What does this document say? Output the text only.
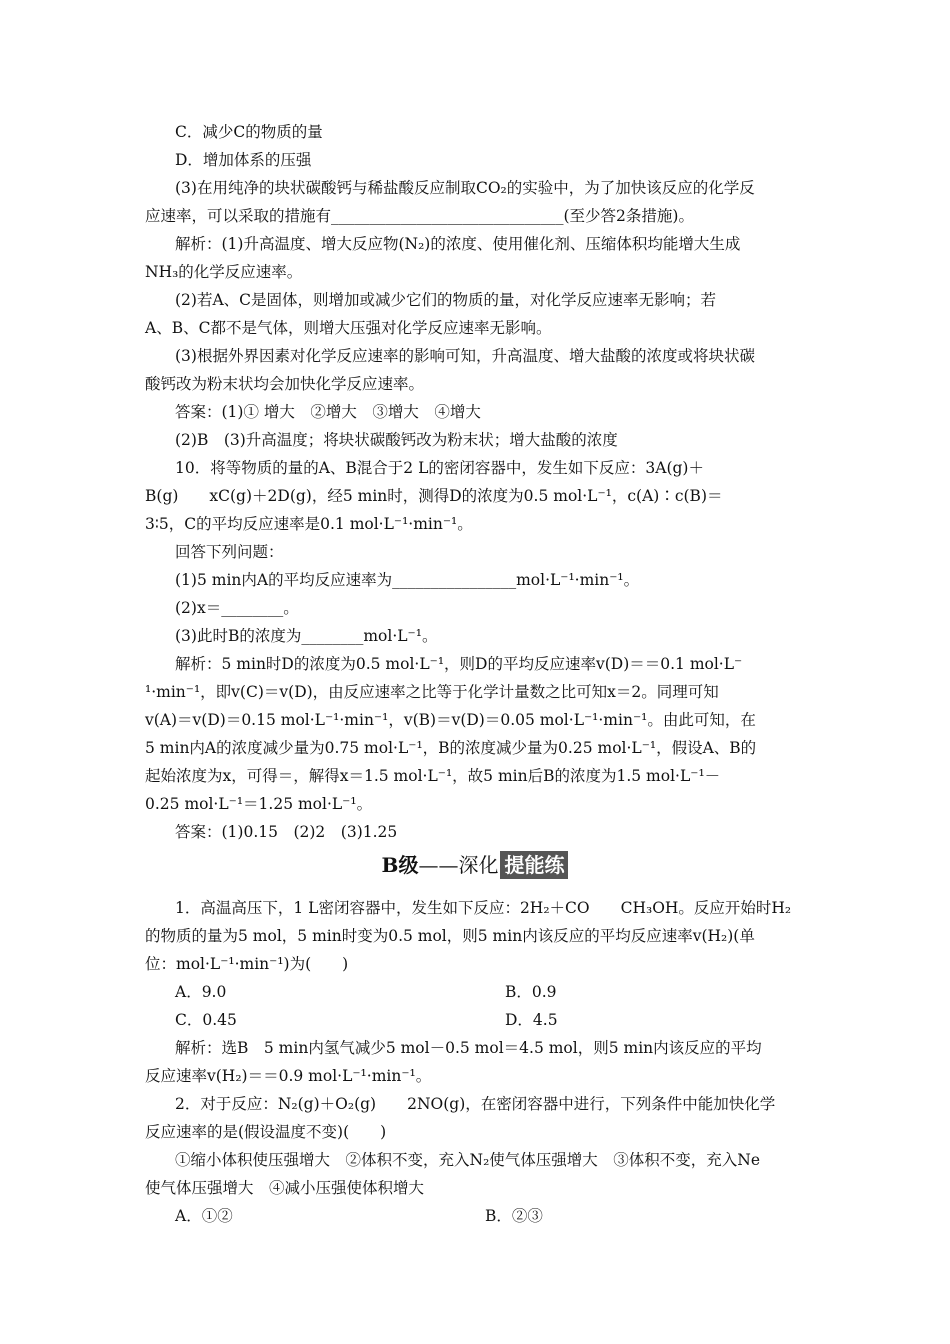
C．减少C的物质的量
D．增加体系的压强
(3)在用纯净的块状碳酸钙与稀盐酸反应制取CO₂的实验中，为了加快该反应的化学反
应速率，可以采取的措施有______________________________(至少答2条措施)。
解析：(1)升高温度、增大反应物(N₂)的浓度、使用催化剂、压缩体积均能增大生成
NH₃的化学反应速率。
(2)若A、C是固体，则增加或减少它们的物质的量，对化学反应速率无影响；若
A、B、C都不是气体，则增大压强对化学反应速率无影响。
(3)根据外界因素对化学反应速率的影响可知，升高温度、增大盐酸的浓度或将块状碳
酸钙改为粉末状均会加快化学反应速率。
答案：(1)① 增大　②增大　③增大　④增大
(2)B　(3)升高温度；将块状碳酸钙改为粉末状；增大盐酸的浓度
10．将等物质的量的A、B混合于2 L的密闭容器中，发生如下反应：3A(g)＋
B(g)　　xC(g)＋2D(g)，经5 min时，测得D的浓度为0.5 mol·L⁻¹，c(A)∶c(B)＝
3∶5，C的平均反应速率是0.1 mol·L⁻¹·min⁻¹。
回答下列问题：
(1)5 min内A的平均反应速率为________________mol·L⁻¹·min⁻¹。
(2)x＝________。
(3)此时B的浓度为________mol·L⁻¹。
解析：5 min时D的浓度为0.5 mol·L⁻¹，则D的平均反应速率v(D)＝＝0.1 mol·L⁻
¹·min⁻¹，即v(C)＝v(D)，由反应速率之比等于化学计量数之比可知x＝2。同理可知
v(A)＝v(D)＝0.15 mol·L⁻¹·min⁻¹，v(B)＝v(D)＝0.05 mol·L⁻¹·min⁻¹。由此可知，在
5 min内A的浓度减少量为0.75 mol·L⁻¹，B的浓度减少量为0.25 mol·L⁻¹，假设A、B的
起始浓度为x，可得＝，解得x＝1.5 mol·L⁻¹，故5 min后B的浓度为1.5 mol·L⁻¹－
0.25 mol·L⁻¹＝1.25 mol·L⁻¹。
答案：(1)0.15　(2)2　(3)1.25
1．高温高压下，1 L密闭容器中，发生如下反应：2H₂＋CO　　CH₃OH。反应开始时H₂
的物质的量为5 mol，5 min时变为0.5 mol，则5 min内该反应的平均反应速率v(H₂)(单
位：mol·L⁻¹·min⁻¹)为(　　)
解析：选B　5 min内氢气减少5 mol－0.5 mol＝4.5 mol，则5 min内该反应的平均
反应速率v(H₂)＝＝0.9 mol·L⁻¹·min⁻¹。
2．对于反应：N₂(g)＋O₂(g)　　2NO(g)，在密闭容器中进行，下列条件中能加快化学
反应速率的是(假设温度不变)(　　)
①缩小体积使压强增大　②体积不变，充入N₂使气体压强增大　③体积不变，充入Ne
使气体压强增大　④减小压强使体积增大
A．9.0	B．0.9
C．0.45	D．4.5
A．①②	B．②③
B级——深化 提能练
